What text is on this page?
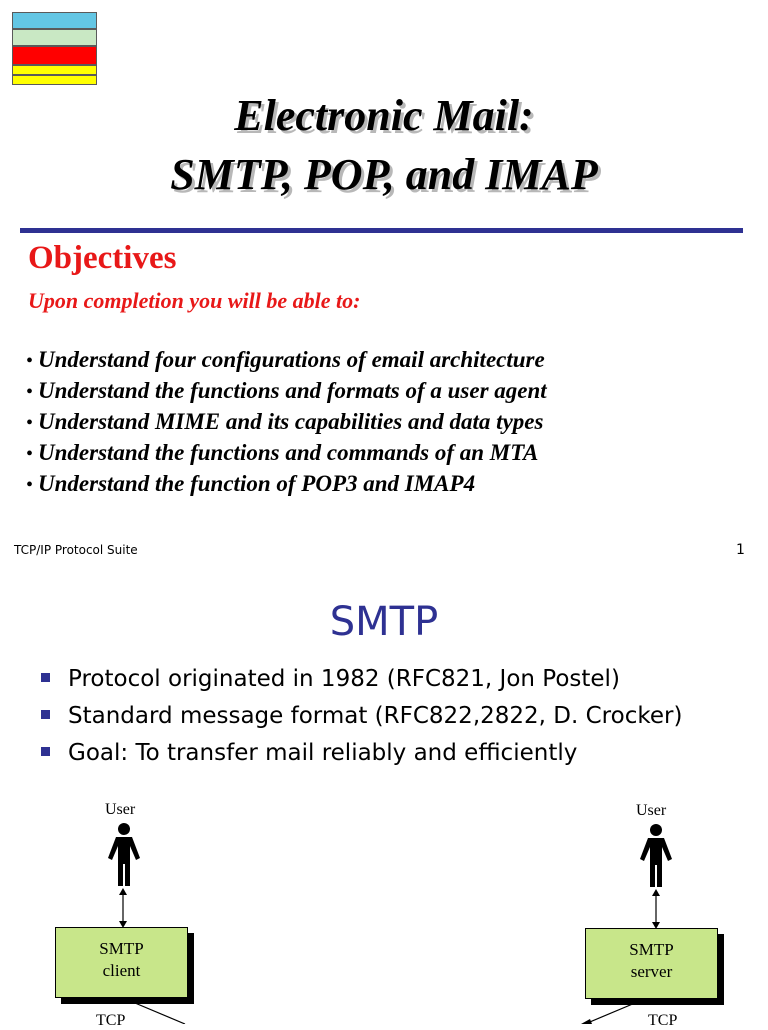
Electronic Mail:
SMTP, POP, and IMAP
Objectives
Upon completion you will be able to:
• Understand four configurations of email architecture
• Understand the functions and formats of a user agent
• Understand MIME and its capabilities and data types
• Understand the functions and commands of an MTA
• Understand the function of POP3 and IMAP4
TCP/IP Protocol Suite	1
SMTP
Protocol originated in 1982 (RFC821, Jon Postel)
Standard message format (RFC822,2822, D. Crocker)
Goal: To transfer mail reliably and efficiently
User
SMTP
client
TCP
User
SMTP
server
TCP
